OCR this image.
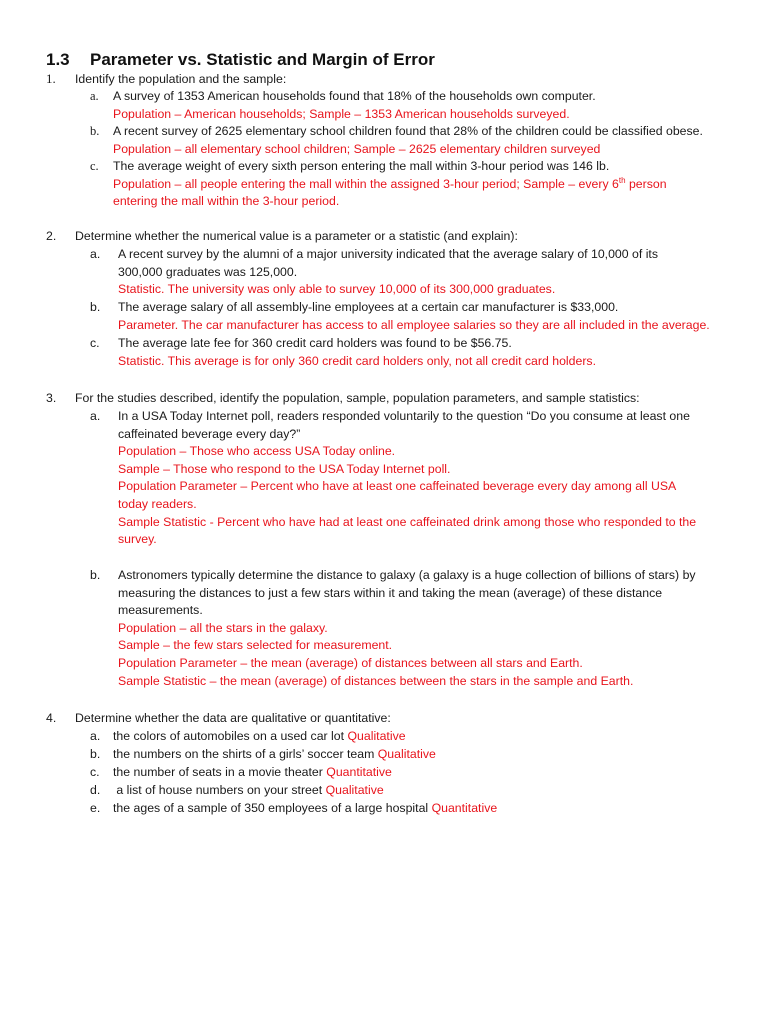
1.3 Parameter vs. Statistic and Margin of Error
1. Identify the population and the sample:
a. A survey of 1353 American households found that 18% of the households own computer.
Population – American households; Sample – 1353 American households surveyed.
b. A recent survey of 2625 elementary school children found that 28% of the children could be classified obese.
Population – all elementary school children; Sample – 2625 elementary children surveyed
c. The average weight of every sixth person entering the mall within 3-hour period was 146 lb.
Population – all people entering the mall within the assigned 3-hour period; Sample – every 6th person
entering the mall within the 3-hour period.
2. Determine whether the numerical value is a parameter or a statistic (and explain):
a. A recent survey by the alumni of a major university indicated that the average salary of 10,000 of its
300,000 graduates was 125,000.
Statistic. The university was only able to survey 10,000 of its 300,000 graduates.
b. The average salary of all assembly-line employees at a certain car manufacturer is $33,000.
Parameter. The car manufacturer has access to all employee salaries so they are all included in the average.
c. The average late fee for 360 credit card holders was found to be $56.75.
Statistic. This average is for only 360 credit card holders only, not all credit card holders.
3. For the studies described, identify the population, sample, population parameters, and sample statistics:
a. In a USA Today Internet poll, readers responded voluntarily to the question “Do you consume at least one
caffeinated beverage every day?”
Population – Those who access USA Today online.
Sample – Those who respond to the USA Today Internet poll.
Population Parameter – Percent who have at least one caffeinated beverage every day among all USA
today readers.
Sample Statistic - Percent who have had at least one caffeinated drink among those who responded to the
survey.
b. Astronomers typically determine the distance to galaxy (a galaxy is a huge collection of billions of stars) by
measuring the distances to just a few stars within it and taking the mean (average) of these distance
measurements.
Population – all the stars in the galaxy.
Sample – the few stars selected for measurement.
Population Parameter – the mean (average) of distances between all stars and Earth.
Sample Statistic – the mean (average) of distances between the stars in the sample and Earth.
4. Determine whether the data are qualitative or quantitative:
a. the colors of automobiles on a used car lot Qualitative
b. the numbers on the shirts of a girls’ soccer team Qualitative
c. the number of seats in a movie theater Quantitative
d. a list of house numbers on your street Qualitative
e. the ages of a sample of 350 employees of a large hospital Quantitative
